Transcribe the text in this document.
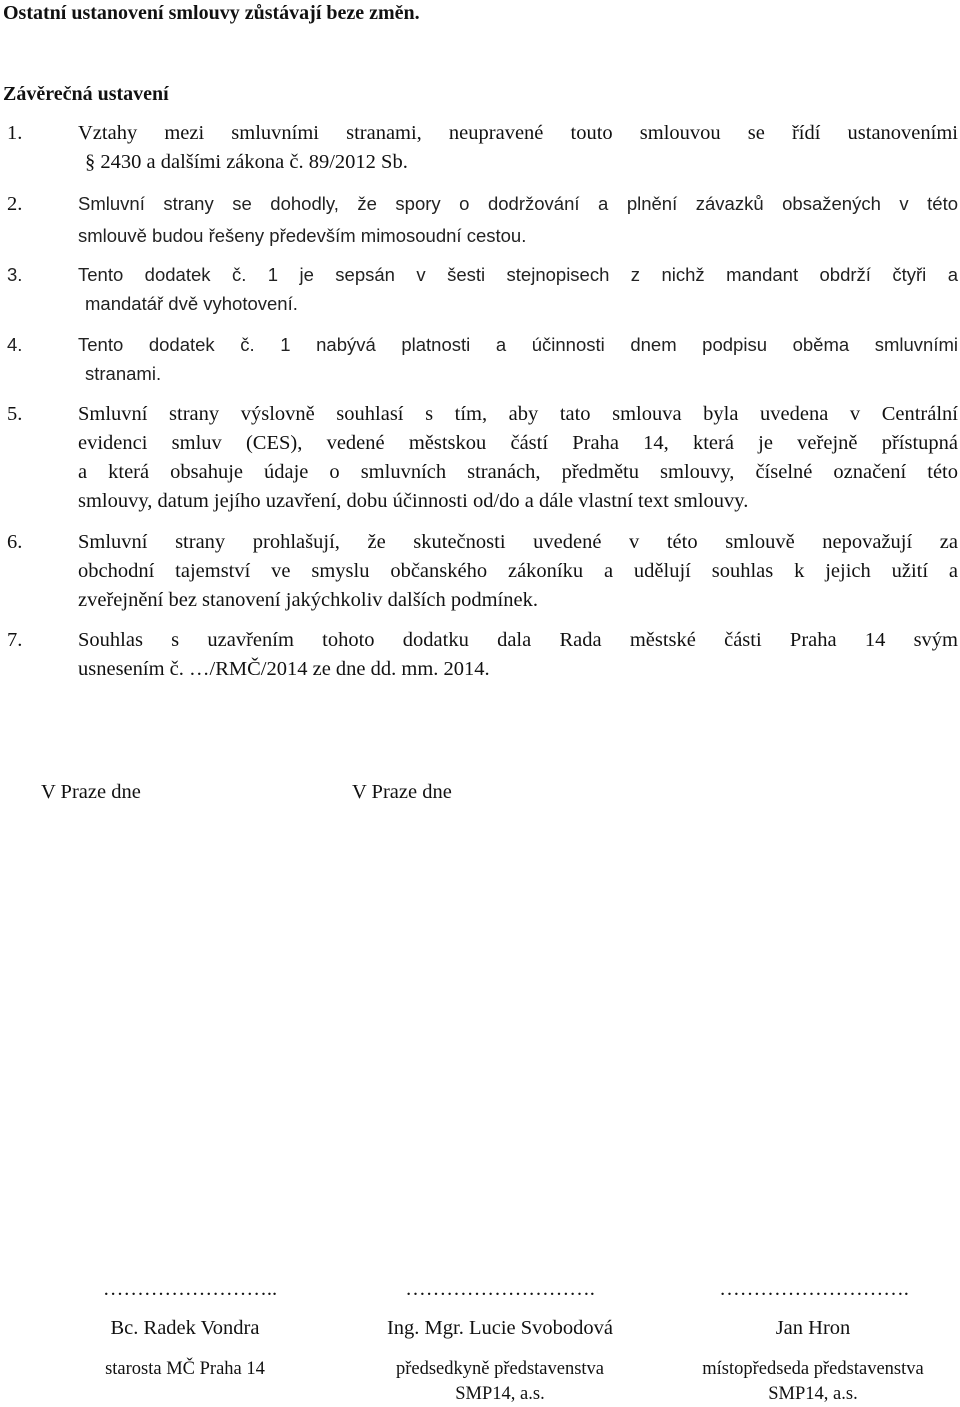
Ostatní ustanovení smlouvy zůstávají beze změn.
Závěrečná ustavení
1.	Vztahy mezi smluvními stranami, neupravené touto smlouvou se řídí ustanoveními
§ 2430 a dalšími zákona č. 89/2012 Sb.
2.	Smluvní strany se dohodly, že spory o dodržování a plnění závazků obsažených v této
smlouvě budou řešeny především mimosoudní cestou.
3.	Tento dodatek č. 1 je sepsán v šesti stejnopisech z nichž mandant obdrží čtyři a
mandatář dvě vyhotovení.
4.	Tento dodatek č. 1 nabývá platnosti a účinnosti dnem podpisu oběma smluvními
stranami.
5.	Smluvní strany výslovně souhlasí s tím, aby tato smlouva byla uvedena v Centrální
evidenci smluv (CES), vedené městskou částí Praha 14, která je veřejně přístupná
a která obsahuje údaje o smluvních stranách, předmětu smlouvy, číselné označení této
smlouvy, datum jejího uzavření, dobu účinnosti od/do a dále vlastní text smlouvy.
6.	Smluvní strany prohlašují, že skutečnosti uvedené v této smlouvě nepovažují za
obchodní tajemství ve smyslu občanského zákoníku a udělují souhlas k jejich užití a
zveřejnění bez stanovení jakýchkoliv dalších podmínek.
7.	Souhlas s uzavřením tohoto dodatku dala Rada městské části Praha 14 svým
usnesením č. …/RMČ/2014 ze dne dd. mm. 2014.
V Praze dne	V Praze dne
……………………..
Bc. Radek Vondra
starosta MČ Praha 14
……………………….
Ing. Mgr. Lucie Svobodová
předsedkyně představenstva
SMP14, a.s.
……………………….
Jan Hron
místopředseda představenstva
SMP14, a.s.
